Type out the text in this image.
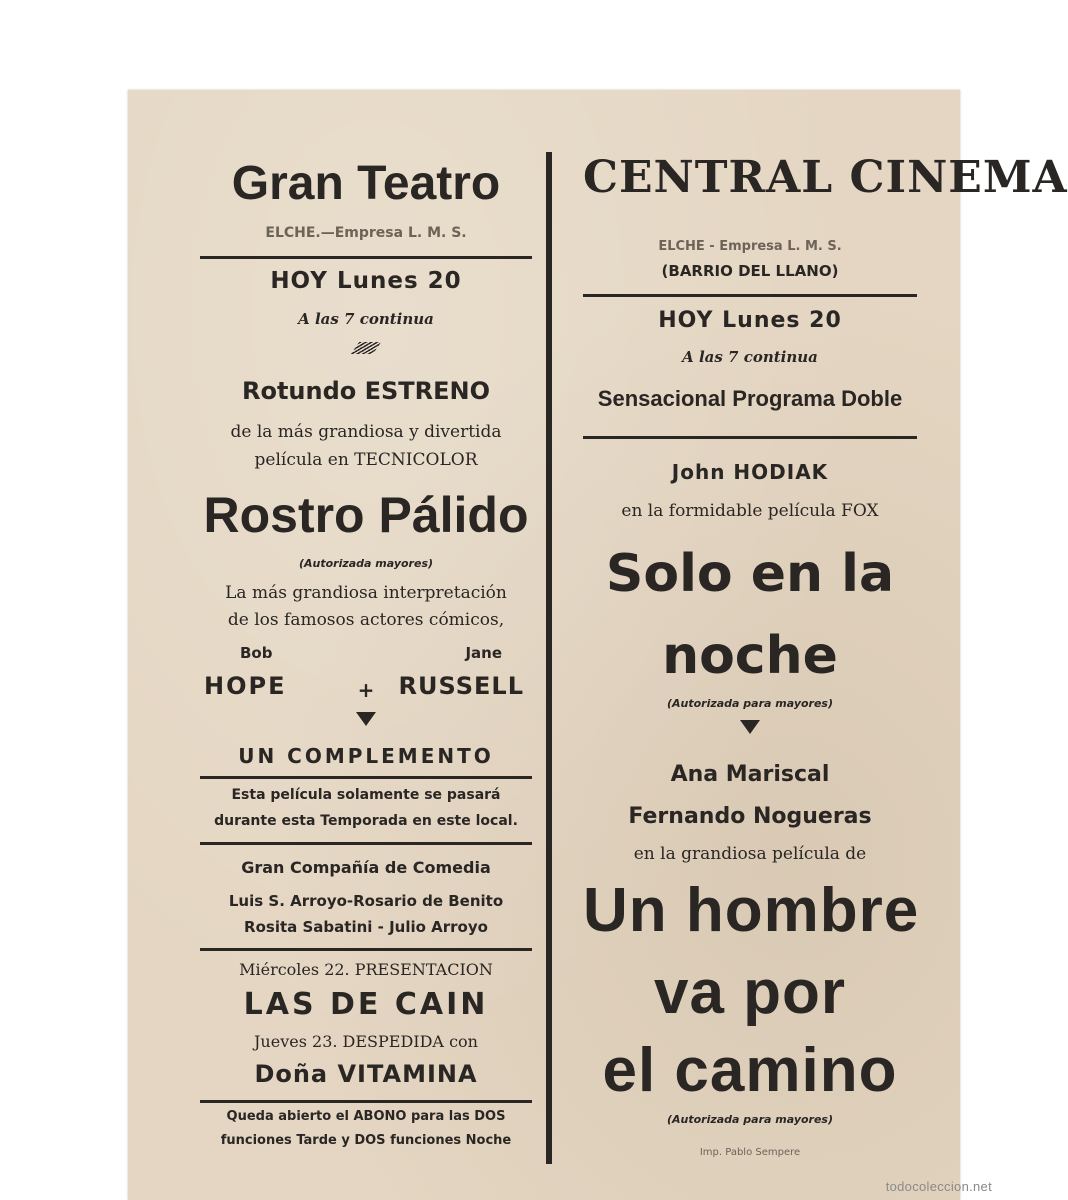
Gran Teatro
ELCHE.—Empresa L. M. S.
HOY Lunes 20
A las 7 continua
Rotundo ESTRENO
de la más grandiosa y divertida
película en TECNICOLOR
Rostro Pálido
(Autorizada mayores)
La más grandiosa interpretación
de los famosos actores cómicos,
Bob	Jane
HOPE	+	RUSSELL
UN COMPLEMENTO
Esta película solamente se pasará
durante esta Temporada en este local.
Gran Compañía de Comedia
Luis S. Arroyo-Rosario de Benito
Rosita Sabatini - Julio Arroyo
Miércoles 22. PRESENTACION
LAS DE CAIN
Jueves 23. DESPEDIDA con
Doña VITAMINA
Queda abierto el ABONO para las DOS
funciones Tarde y DOS funciones Noche
CENTRAL CINEMA
ELCHE - Empresa L. M. S.
(BARRIO DEL LLANO)
HOY Lunes 20
A las 7 continua
Sensacional Programa Doble
John HODIAK
en la formidable película FOX
Solo en la
noche
(Autorizada para mayores)
Ana Mariscal
Fernando Nogueras
en la grandiosa película de
Un hombre
va por
el camino
(Autorizada para mayores)
Imp. Pablo Sempere
todocoleccion.net
